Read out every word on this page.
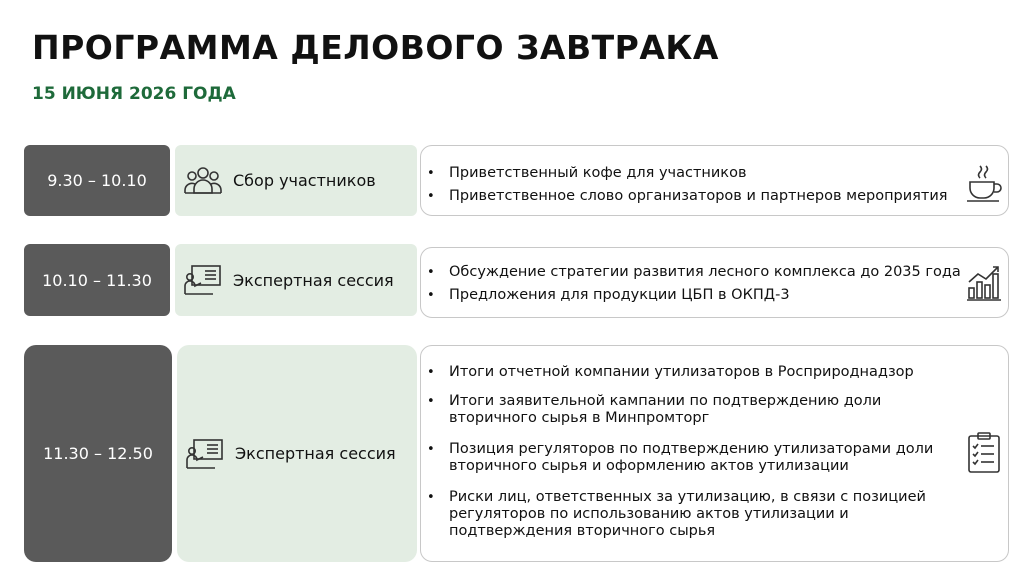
ПРОГРАММА ДЕЛОВОГО ЗАВТРАКА
15 ИЮНЯ 2026 ГОДА
9.30 – 10.10	Сбор участников	• Приветственный кофе для участников
• Приветственное слово организаторов и партнеров мероприятия
10.10 – 11.30	Экспертная сессия	• Обсуждение стратегии развития лесного комплекса до 2035 года
• Предложения для продукции ЦБП в ОКПД-3
11.30 – 12.50	Экспертная сессия
• Итоги отчетной компании утилизаторов в Росприроднадзор
• Итоги заявительной кампании по подтверждению доли
вторичного сырья в Минпромторг
• Позиция регуляторов по подтверждению утилизаторами доли
вторичного сырья и оформлению актов утилизации
• Риски лиц, ответственных за утилизацию, в связи с позицией
регуляторов по использованию актов утилизации и
подтверждения вторичного сырья
